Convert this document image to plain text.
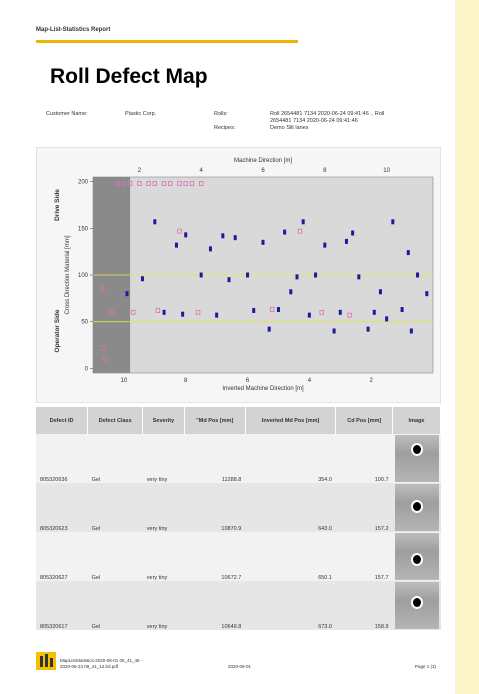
Map-List-Statistics Report
Roll Defect Map
Customer Name:	Plastic Corp.	Rolls:	Roll 2654481 7134 2020-06-24 09:41:46 .. Roll
2654481 7134 2020-06-24 09:41:46
Recipes:	Demo Slit lanes
0
50
100
150
200
2	4	6	8	10
10	8	6	4	2
Machine Direction [m]
Inverted Machine Direction [m]
Cross Direction Material [mm]
Drive Side
Operator Side
Defect ID	Defect Class	Severity	"Md Pos [mm]	Inverted Md Pos [mm]	Cd Pos [mm]	Image
805320636	Gel	very tiny	11288.8	354.0	100.7	

805320623	Gel	very tiny	10870.9	643.0	157.2	

805320627	Gel	very tiny	10672.7	650.1	157.7	

805320617	Gel	very tiny	10649.8	673.0	158.9	
MapListStatistics-2020-06-01 05_41_48 -
2020-06-24 09_41_12.lrd.pdf	2020-09-01	Page 1 (3)
